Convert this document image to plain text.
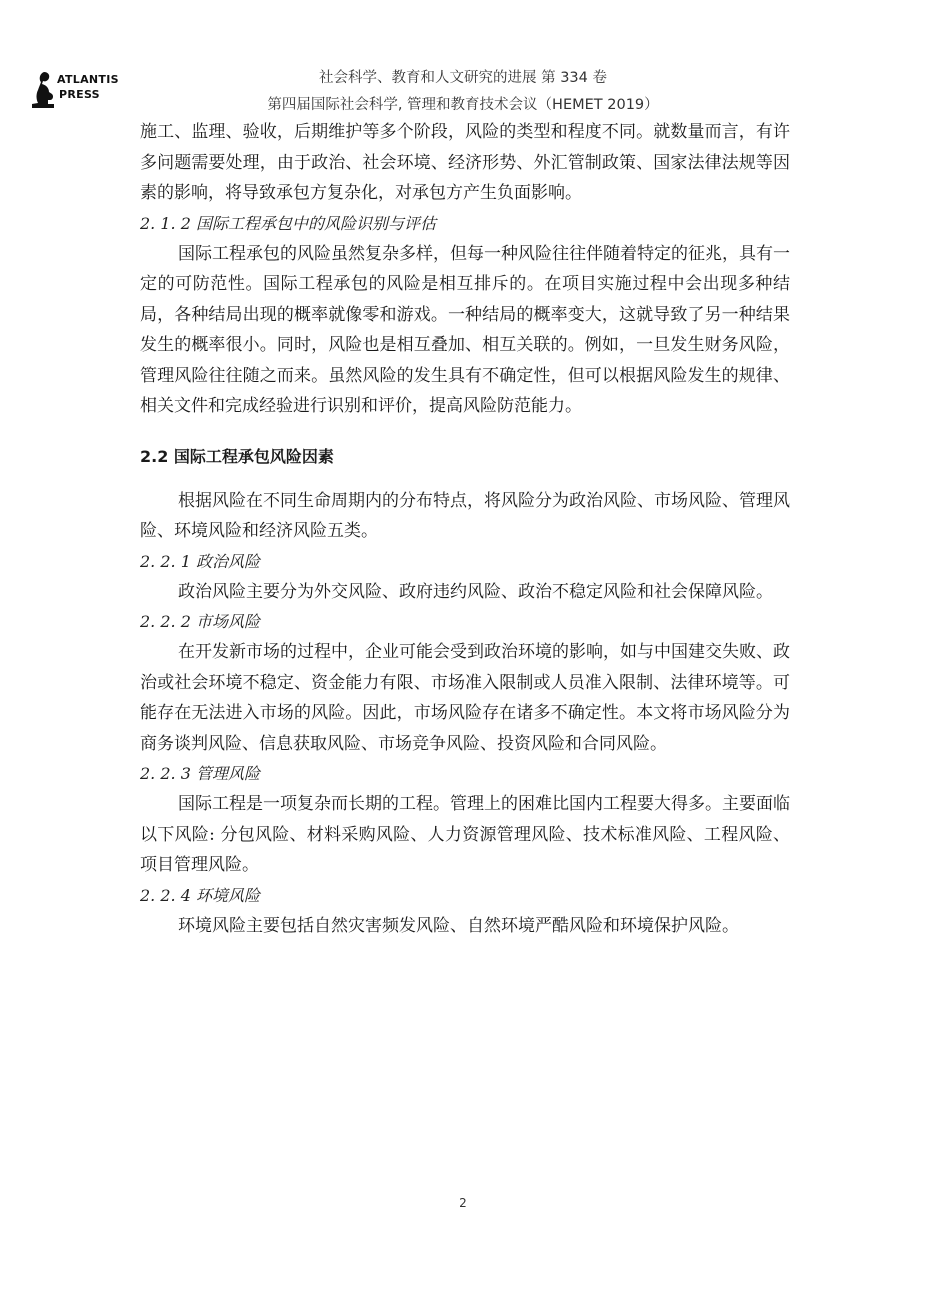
ATLANTIS
PRESS
社会科学、教育和人文研究的进展 第 334 卷
第四届国际社会科学, 管理和教育技术会议（HEMET 2019）

施工、监理、验收，后期维护等多个阶段，风险的类型和程度不同。就数量而言，有许多问题需要处理，由于政治、社会环境、经济形势、外汇管制政策、国家法律法规等因素的影响，将导致承包方复杂化，对承包方产生负面影响。

2. 1. 2 国际工程承包中的风险识别与评估

国际工程承包的风险虽然复杂多样，但每一种风险往往伴随着特定的征兆，具有一定的可防范性。国际工程承包的风险是相互排斥的。在项目实施过程中会出现多种结局，各种结局出现的概率就像零和游戏。一种结局的概率变大，这就导致了另一种结果发生的概率很小。同时，风险也是相互叠加、相互关联的。例如，一旦发生财务风险，管理风险往往随之而来。虽然风险的发生具有不确定性，但可以根据风险发生的规律、相关文件和完成经验进行识别和评价，提高风险防范能力。

2.2 国际工程承包风险因素

根据风险在不同生命周期内的分布特点，将风险分为政治风险、市场风险、管理风险、环境风险和经济风险五类。

2. 2. 1 政治风险

政治风险主要分为外交风险、政府违约风险、政治不稳定风险和社会保障风险。

2. 2. 2 市场风险

在开发新市场的过程中，企业可能会受到政治环境的影响，如与中国建交失败、政治或社会环境不稳定、资金能力有限、市场准入限制或人员准入限制、法律环境等。可能存在无法进入市场的风险。因此，市场风险存在诸多不确定性。本文将市场风险分为商务谈判风险、信息获取风险、市场竞争风险、投资风险和合同风险。

2. 2. 3 管理风险

国际工程是一项复杂而长期的工程。管理上的困难比国内工程要大得多。主要面临以下风险: 分包风险、材料采购风险、人力资源管理风险、技术标准风险、工程风险、项目管理风险。

2. 2. 4 环境风险

环境风险主要包括自然灾害频发风险、自然环境严酷风险和环境保护风险。

2
